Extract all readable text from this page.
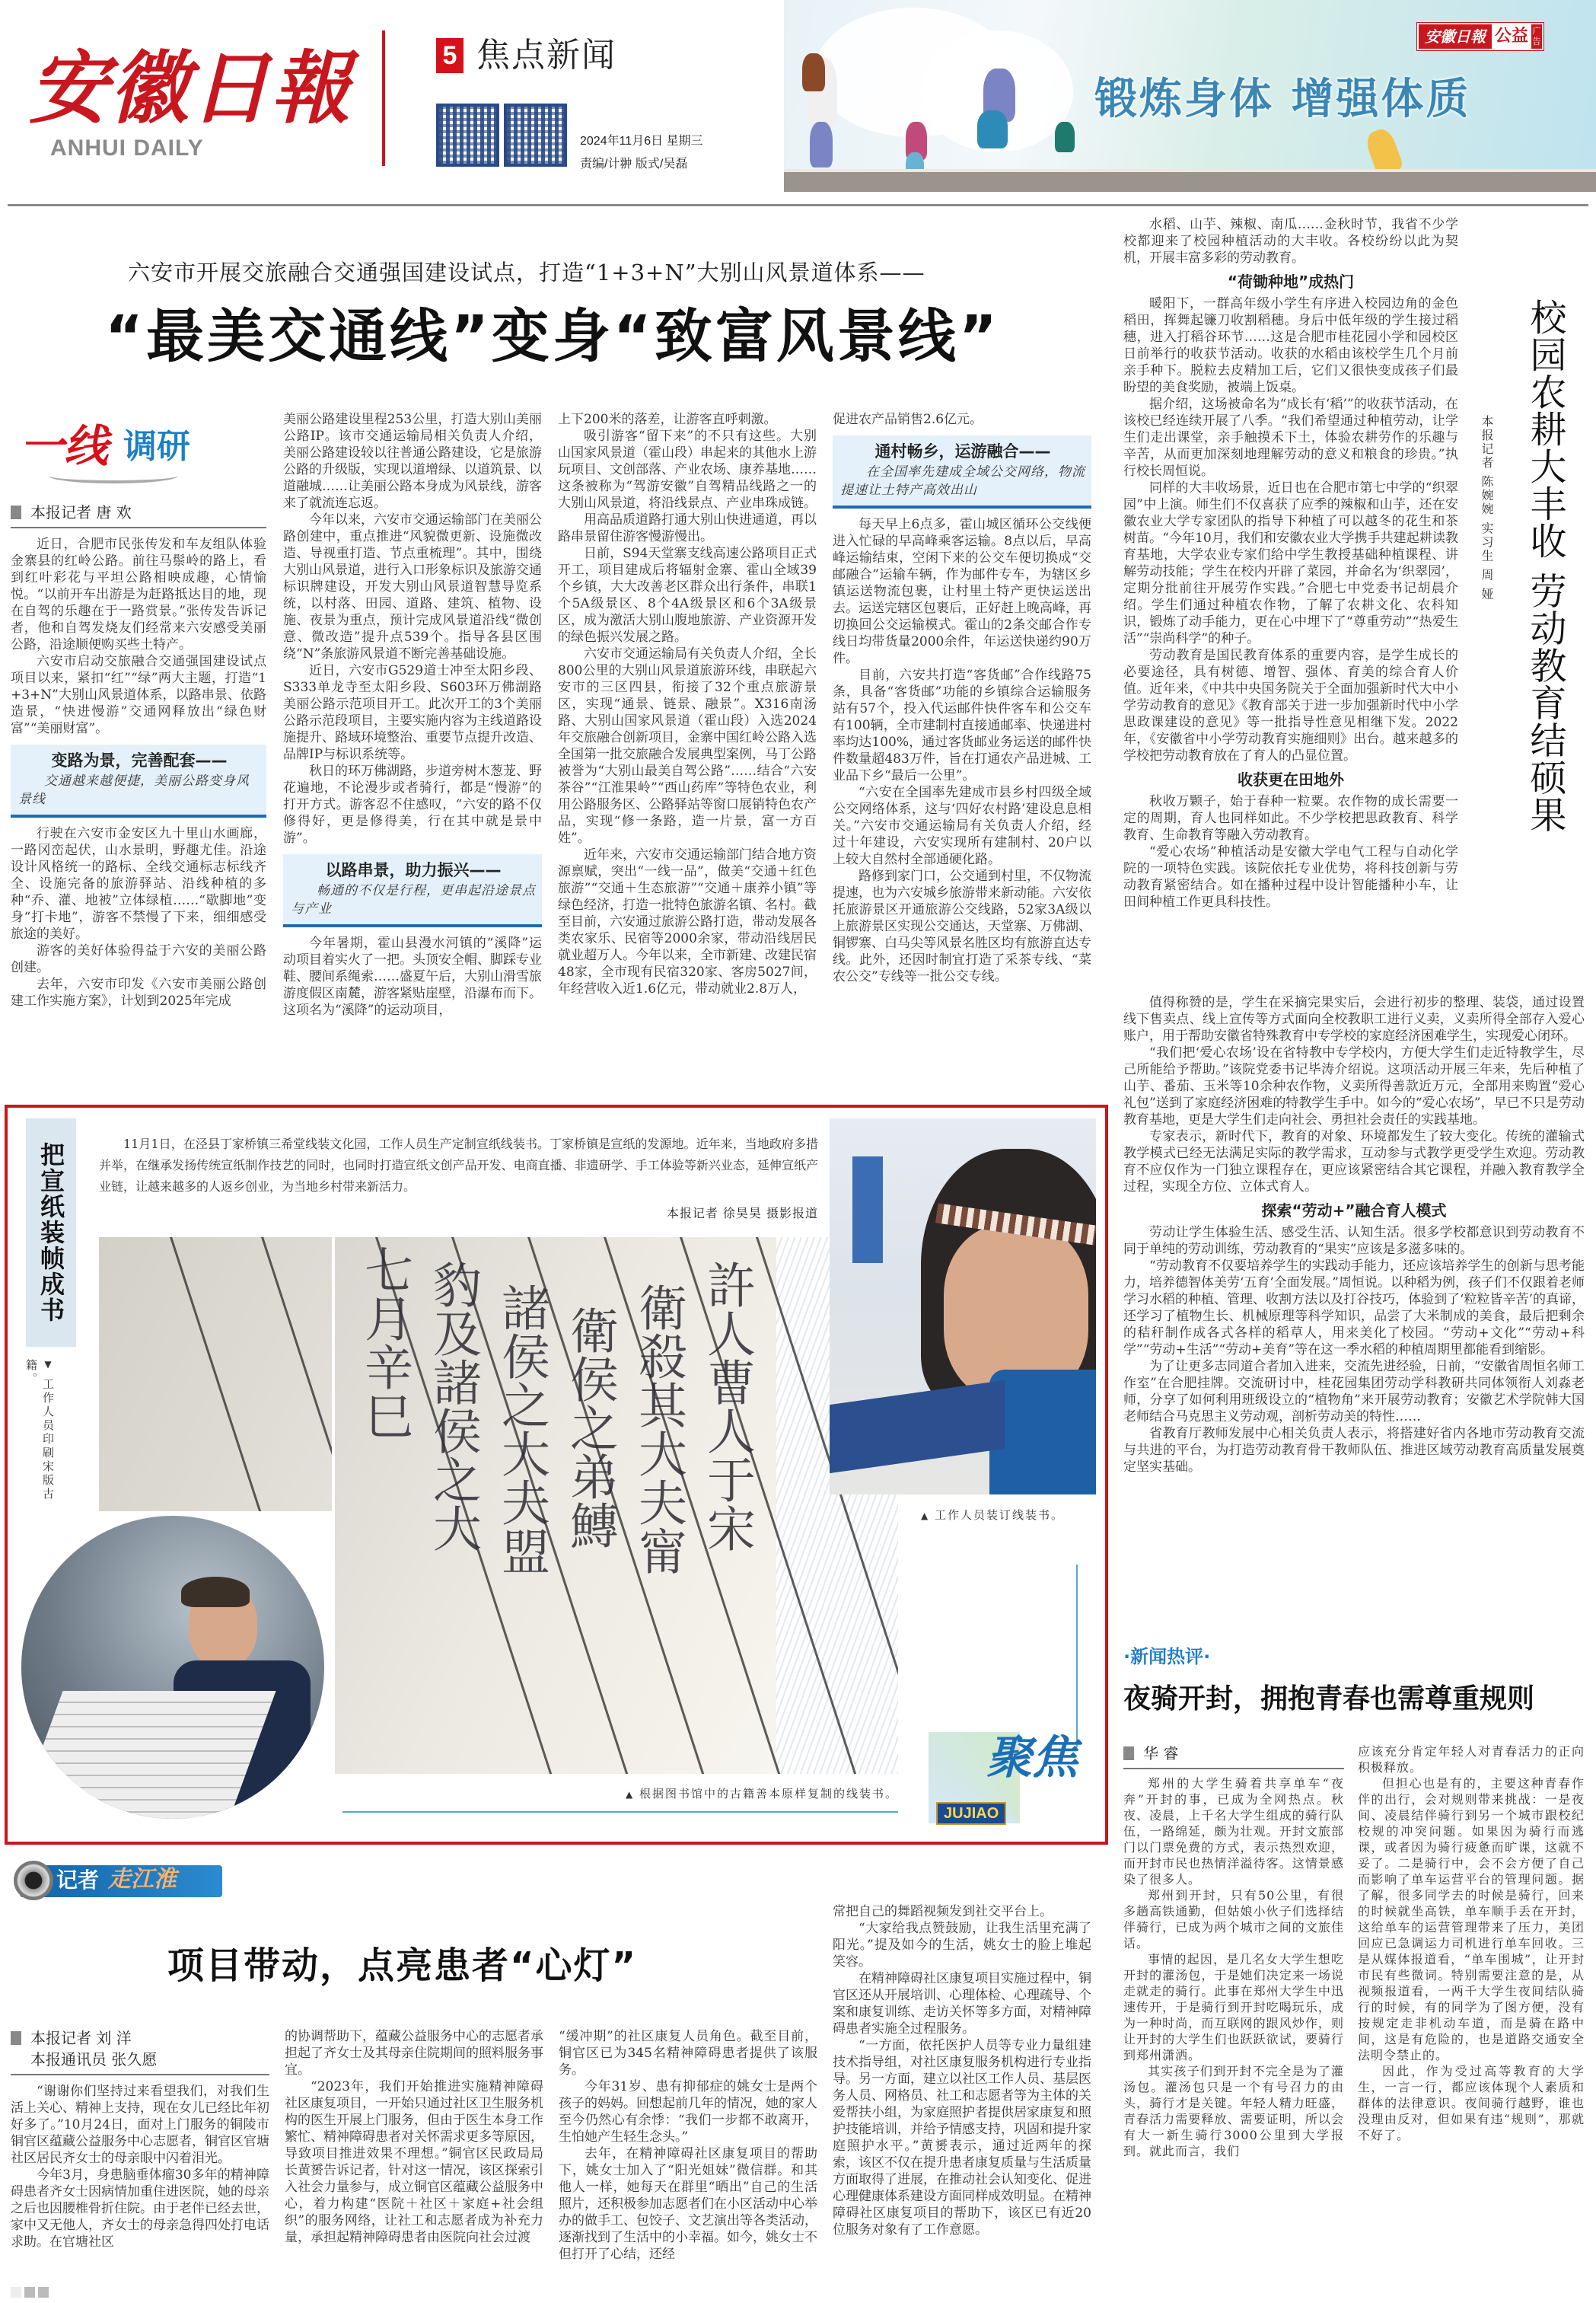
安徽日報
ANHUI DAILY
5 焦点新闻
2024年11月6日 星期三
责编/计翀 版式/吴磊
安徽日報 公益 广告
锻炼身体 增强体质
六安市开展交旅融合交通强国建设试点，打造“1+3+N”大别山风景道体系——
“最美交通线”变身“致富风景线”
一线 调研
本报记者 唐 欢

近日，合肥市民张传发和车友组队体验金寨县的红岭公路。前往马鬃岭的路上，看到红叶彩花与平坦公路相映成趣，心情愉悦。“以前开车出游是为赶路抵达目的地，现在自驾的乐趣在于一路赏景。”张传发告诉记者，他和自驾发烧友们经常来六安感受美丽公路，沿途顺便购买些土特产。

六安市启动交旅融合交通强国建设试点项目以来，紧扣“红”“绿”两大主题，打造“1+3+N”大别山风景道体系，以路串景、依路造景，“快进慢游”交通网释放出“绿色财富”“美丽财富”。

变路为景，完善配套——
交通越来越便捷，美丽公路变身风景线

行驶在六安市金安区九十里山水画廊，一路冈峦起伏，山水景明，野趣尤佳。沿途设计风格统一的路标、全线交通标志标线齐全、设施完备的旅游驿站、沿线种植的多种“乔、灌、地被”立体绿植……“歇脚地”变身“打卡地”，游客不禁慢了下来，细细感受旅途的美好。

游客的美好体验得益于六安的美丽公路创建。

去年，六安市印发《六安市美丽公路创建工作实施方案》，计划到2025年完成

美丽公路建设里程253公里，打造大别山美丽公路IP。该市交通运输局相关负责人介绍，美丽公路建设较以往普通公路建设，它是旅游公路的升级版，实现以道增绿、以道筑景、以道融城……让美丽公路本身成为风景线，游客来了就流连忘返。

今年以来，六安市交通运输部门在美丽公路创建中，重点推进“风貌微更新、设施微改造、导视重打造、节点重梳理”。其中，围绕大别山风景道，进行入口形象标识及旅游交通标识牌建设，开发大别山风景道智慧导览系统，以村落、田园、道路、建筑、植物、设施、夜景为重点，预计完成风景道沿线“微创意、微改造”提升点539个。指导各县区围绕“N”条旅游风景道不断完善基础设施。

近日，六安市G529道士冲至太阳乡段、S333单龙寺至太阳乡段、S603环万佛湖路美丽公路示范项目开工。此次开工的3个美丽公路示范段项目，主要实施内容为主线道路设施提升、路域环境整治、重要节点提升改造、品牌IP与标识系统等。

秋日的环万佛湖路，步道旁树木葱茏、野花遍地，不论漫步或者骑行，都是“慢游”的打开方式。游客忍不住感叹，“六安的路不仅修得好，更是修得美，行在其中就是景中游”。

以路串景，助力振兴——
畅通的不仅是行程，更串起沿途景点与产业

今年暑期，霍山县漫水河镇的“溪降”运动项目着实火了一把。头顶安全帽、脚踩专业鞋、腰间系绳索……盛夏午后，大别山滑雪旅游度假区南麓，游客紧贴崖壁，沿瀑布而下。这项名为“溪降”的运动项目，

上下200米的落差，让游客直呼刺激。

吸引游客“留下来”的不只有这些。大别山国家风景道（霍山段）串起来的其他水上游玩项目、文创部落、产业农场、康养基地……这条被称为“驾游安徽”自驾精品线路之一的大别山风景道，将沿线景点、产业串珠成链。

用高品质道路打通大别山快进通道，再以路串景留住游客慢游慢出。

日前，S94天堂寨支线高速公路项目正式开工，项目建成后将辐射金寨、霍山全域39个乡镇，大大改善老区群众出行条件，串联1个5A级景区、8个4A级景区和6个3A级景区，成为激活大别山腹地旅游、产业资源开发的绿色振兴发展之路。

六安市交通运输局有关负责人介绍，全长800公里的大别山风景道旅游环线，串联起六安市的三区四县，衔接了32个重点旅游景区，实现“通景、链景、融景”。X316南汤路、大别山国家风景道（霍山段）入选2024年交旅融合创新项目，金寨中国红岭公路入选全国第一批交旅融合发展典型案例，马丁公路被誉为“大别山最美自驾公路”……结合“六安茶谷”“江淮果岭”“西山药库”等特色农业，利用公路服务区、公路驿站等窗口展销特色农产品，实现“修一条路，造一片景，富一方百姓”。

近年来，六安市交通运输部门结合地方资源禀赋，突出“一线一品”，做美“交通＋红色旅游”“交通＋生态旅游”“交通＋康养小镇”等绿色经济，打造一批特色旅游名镇、名村。截至目前，六安通过旅游公路打造，带动发展各类农家乐、民宿等2000余家，带动沿线居民就业超万人。今年以来，全市新建、改建民宿48家，全市现有民宿320家、客房5027间，年经营收入近1.6亿元，带动就业2.8万人，

促进农产品销售2.6亿元。

通村畅乡，运游融合——
在全国率先建成全域公交网络，物流提速让土特产高效出山

每天早上6点多，霍山城区循环公交线便进入忙碌的早高峰乘客运输。8点以后，早高峰运输结束，空闲下来的公交车便切换成“交邮融合”运输车辆，作为邮件专车，为辖区乡镇运送物流包裹，让村里土特产更快运送出去。运送完辖区包裹后，正好赶上晚高峰，再切换回公交运输模式。霍山的2条交邮合作专线日均带货量2000余件，年运送快递约90万件。

目前，六安共打造“客货邮”合作线路75条，具备“客货邮”功能的乡镇综合运输服务站有57个，投入代运邮件快件客车和公交车有100辆，全市建制村直接通邮率、快递进村率均达100%，通过客货邮业务运送的邮件快件数量超483万件，旨在打通农产品进城、工业品下乡“最后一公里”。

“六安在全国率先建成市县乡村四级全域公交网络体系，这与‘四好农村路’建设息息相关。”六安市交通运输局有关负责人介绍，经过十年建设，六安实现所有建制村、20户以上较大自然村全部通硬化路。

路修到家门口，公交通到村里，不仅物流提速，也为六安城乡旅游带来新动能。六安依托旅游景区开通旅游公交线路，52家3A级以上旅游景区实现公交通达，天堂寨、万佛湖、铜锣寨、白马尖等风景名胜区均有旅游直达专线。此外，还因时制宜打造了采茶专线、“菜农公交”专线等一批公交专线。

校园农耕大丰收 劳动教育结硕果
本报记者 陈婉婉 实习生 周 娅

水稻、山芋、辣椒、南瓜……金秋时节，我省不少学校都迎来了校园种植活动的大丰收。各校纷纷以此为契机，开展丰富多彩的劳动教育。

“荷锄种地”成热门

暖阳下，一群高年级小学生有序进入校园边角的金色稻田，挥舞起镰刀收割稻穗。身后中低年级的学生接过稻穗，进入打稻谷环节……这是合肥市桂花园小学和园校区日前举行的收获节活动。收获的水稻由该校学生几个月前亲手种下。脱粒去皮精加工后，它们又很快变成孩子们最盼望的美食奖励，被端上饭桌。

据介绍，这场被命名为“成长有‘稻’”的收获节活动，在该校已经连续开展了八季。“我们希望通过种植劳动，让学生们走出课堂，亲手触摸禾下土，体验农耕劳作的乐趣与辛苦，从而更加深刻地理解劳动的意义和粮食的珍贵。”执行校长周恒说。

同样的大丰收场景，近日也在合肥市第七中学的“织翠园”中上演。师生们不仅喜获了应季的辣椒和山芋，还在安徽农业大学专家团队的指导下种植了可以越冬的花生和茶树苗。“今年10月，我们和安徽农业大学携手共建起耕读教育基地，大学农业专家们给中学生教授基础种植课程、讲解劳动技能；学生在校内开辟了菜园，并命名为‘织翠园’，定期分批前往开展劳作实践。”合肥七中党委书记胡晨介绍。学生们通过种植农作物，了解了农耕文化、农科知识，锻炼了动手能力，更在心中埋下了“尊重劳动”“热爱生活”“崇尚科学”的种子。

劳动教育是国民教育体系的重要内容，是学生成长的必要途径，具有树德、增智、强体、育美的综合育人价值。近年来，《中共中央国务院关于全面加强新时代大中小学劳动教育的意见》《教育部关于进一步加强新时代中小学思政课建设的意见》等一批指导性意见相继下发。2022年，《安徽省中小学劳动教育实施细则》出台。越来越多的学校把劳动教育放在了育人的凸显位置。

收获更在田地外

秋收万颗子，始于春种一粒粟。农作物的成长需要一定的周期，育人也同样如此。不少学校把思政教育、科学教育、生命教育等融入劳动教育。

“爱心农场”种植活动是安徽大学电气工程与自动化学院的一项特色实践。该院依托专业优势，将科技创新与劳动教育紧密结合。如在播种过程中设计智能播种小车，让田间种植工作更具科技性。

值得称赞的是，学生在采摘完果实后，会进行初步的整理、装袋，通过设置线下售卖点、线上宣传等方式面向全校教职工进行义卖，义卖所得全部存入爱心账户，用于帮助安徽省特殊教育中专学校的家庭经济困难学生，实现爱心闭环。

“我们把‘爱心农场’设在省特教中专学校内，方便大学生们走近特教学生，尽己所能给予帮助。”该院党委书记毕涛介绍说。这项活动开展三年来，先后种植了山芋、番茄、玉米等10余种农作物，义卖所得善款近万元，全部用来购置“爱心礼包”送到了家庭经济困难的特教学生手中。如今的“爱心农场”，早已不只是劳动教育基地，更是大学生们走向社会、勇担社会责任的实践基地。

专家表示，新时代下，教育的对象、环境都发生了较大变化。传统的灌输式教学模式已经无法满足实际的教学需求，互动参与式教学更受学生欢迎。劳动教育不应仅作为一门独立课程存在，更应该紧密结合其它课程，并融入教育教学全过程，实现全方位、立体式育人。

探索“劳动+”融合育人模式

劳动让学生体验生活、感受生活、认知生活。很多学校都意识到劳动教育不同于单纯的劳动训练，劳动教育的“果实”应该是多滋多味的。

“劳动教育不仅要培养学生的实践动手能力，还应该培养学生的创新与思考能力，培养德智体美劳‘五育’全面发展。”周恒说。以种稻为例，孩子们不仅跟着老师学习水稻的种植、管理、收割方法以及打谷技巧，体验到了‘粒粒皆辛苦’的真谛，还学习了植物生长、机械原理等科学知识，品尝了大米制成的美食，最后把剩余的秸秆制作成各式各样的稻草人，用来美化了校园。“劳动+文化”“劳动+科学”“劳动+生活”“劳动+美育”等在这一季水稻的种植周期里都能看到缩影。

为了让更多志同道合者加入进来，交流先进经验，日前，“安徽省周恒名师工作室”在合肥挂牌。交流研讨中，桂花园集团劳动学科教研共同体领衔人刘淼老师，分享了如何利用班级设立的“植物角”来开展劳动教育；安徽艺术学院韩大国老师结合马克思主义劳动观，剖析劳动美的特性……

省教育厅教师发展中心相关负责人表示，将搭建好省内各地市劳动教育交流与共进的平台，为打造劳动教育骨干教师队伍、推进区域劳动教育高质量发展奠定坚实基础。

把宣纸装帧成书	11月1日，在泾县丁家桥镇三希堂线装文化园，工作人员生产定制宣纸线装书。丁家桥镇是宣纸的发源地。近年来，当地政府多措并举，在继承发扬传统宣纸制作技艺的同时，也同时打造宣纸文创产品开发、电商直播、非遗研学、手工体验等新兴业态，延伸宣纸产业链，让越来越多的人返乡创业，为当地乡村带来新活力。
本报记者 徐昊昊 摄影报道
許人曹人于宋
衛殺其大夫甯
衛侯之弟鱄
諸侯之大夫盟
豹及諸侯之大
七月辛巳
▼ 工作人员印刷宋版古籍。
▲ 工作人员装订线装书。
▲ 根据图书馆中的古籍善本原样复制的线装书。
聚焦
JUJIAO
记者 走江淮
项目带动，点亮患者“心灯”
本报记者 刘 洋
本报通讯员 张久愿

“谢谢你们坚持过来看望我们，对我们生活上关心、精神上支持，现在女儿已经比年初好多了。”10月24日，面对上门服务的铜陵市铜官区蕴藏公益服务中心志愿者，铜官区官塘社区居民齐女士的母亲眼中闪着泪光。

今年3月，身患脑垂体瘤30多年的精神障碍患者齐女士因病情加重住进医院，她的母亲之后也因腰椎骨折住院。由于老伴已经去世，家中又无他人，齐女士的母亲急得四处打电话求助。在官塘社区

的协调帮助下，蕴藏公益服务中心的志愿者承担起了齐女士及其母亲住院期间的照料服务事宜。

“2023年，我们开始推进实施精神障碍社区康复项目，一开始只通过社区卫生服务机构的医生开展上门服务，但由于医生本身工作繁忙、精神障碍患者对关怀需求更多等原因，导致项目推进效果不理想。”铜官区民政局局长黄赟告诉记者，针对这一情况，该区探索引入社会力量参与，成立铜官区蕴藏公益服务中心，着力构建“医院＋社区＋家庭+社会组织”的服务网络，让社工和志愿者成为补充力量，承担起精神障碍患者由医院向社会过渡

“缓冲期”的社区康复人员角色。截至目前，铜官区已为345名精神障碍患者提供了该服务。

今年31岁、患有抑郁症的姚女士是两个孩子的妈妈。回想起前几年的情况，她的家人至今仍然心有余悸：“我们一步都不敢离开，生怕她产生轻生念头。”

去年，在精神障碍社区康复项目的帮助下，姚女士加入了“阳光姐妹”微信群。和其他人一样，她每天在群里“晒出”自己的生活照片，还积极参加志愿者们在小区活动中心举办的做手工、包饺子、文艺演出等各类活动，逐渐找到了生活中的小幸福。如今，姚女士不但打开了心结，还经

常把自己的舞蹈视频发到社交平台上。

“大家给我点赞鼓励，让我生活里充满了阳光。”提及如今的生活，姚女士的脸上堆起笑容。

在精神障碍社区康复项目实施过程中，铜官区还从开展培训、心理体检、心理疏导、个案和康复训练、走访关怀等多方面，对精神障碍患者实施全过程服务。

“一方面，依托医护人员等专业力量组建技术指导组，对社区康复服务机构进行专业指导。另一方面，建立以社区工作人员、基层医务人员、网格员、社工和志愿者等为主体的关爱帮扶小组，为家庭照护者提供居家康复和照护技能培训，并给予情感支持，巩固和提升家庭照护水平。”黄赟表示，通过近两年的探索，该区不仅在提升患者康复质量与生活质量方面取得了进展，在推动社会认知变化、促进心理健康体系建设方面同样成效明显。在精神障碍社区康复项目的帮助下，该区已有近20位服务对象有了工作意愿。

·新闻热评·
夜骑开封，拥抱青春也需尊重规则
华 睿

郑州的大学生骑着共享单车“夜奔”开封的事，已成为全网热点。秋夜、凌晨，上千名大学生组成的骑行队伍，一路绵延，颇为壮观。开封文旅部门以门票免费的方式，表示热烈欢迎，而开封市民也热情洋溢待客。这情景感染了很多人。

郑州到开封，只有50公里，有很多趟高铁通勤，但姑娘小伙子们选择结伴骑行，已成为两个城市之间的文旅佳话。

事情的起因，是几名女大学生想吃开封的灌汤包，于是她们决定来一场说走就走的骑行。此事在郑州大学生中迅速传开，于是骑行到开封吃喝玩乐，成为一种时尚，而互联网的跟风炒作，则让开封的大学生们也跃跃欲试，要骑行到郑州潇洒。

其实孩子们到开封不完全是为了灌汤包。灌汤包只是一个有号召力的由头，骑行才是关键。年轻人精力旺盛，青春活力需要释放、需要证明，所以会有大一新生骑行3000公里到大学报到。就此而言，我们

应该充分肯定年轻人对青春活力的正向积极释放。

但担心也是有的，主要这种青春作伴的出行，会对规则带来挑战：一是夜间、凌晨结伴骑行到另一个城市跟校纪校规的冲突问题。如果因为骑行而逃课，或者因为骑行疲惫而旷课，这就不妥了。二是骑行中，会不会方便了自己而影响了单车运营平台的管理问题。据了解，很多同学去的时候是骑行，回来的时候就坐高铁，单车顺手丢在开封，这给单车的运营管理带来了压力，美团回应已急调运力司机进行单车回收。三是从媒体报道看，“单车围城”，让开封市民有些微词。特别需要注意的是，从视频报道看，一两千大学生夜间结队骑行的时候，有的同学为了图方便，没有按规定走非机动车道，而是骑在路中间，这是有危险的，也是道路交通安全法明令禁止的。

因此，作为受过高等教育的大学生，一言一行，都应该体现个人素质和群体的法律意识。夜间骑行越野，谁也没理由反对，但如果有违“规则”，那就不好了。
